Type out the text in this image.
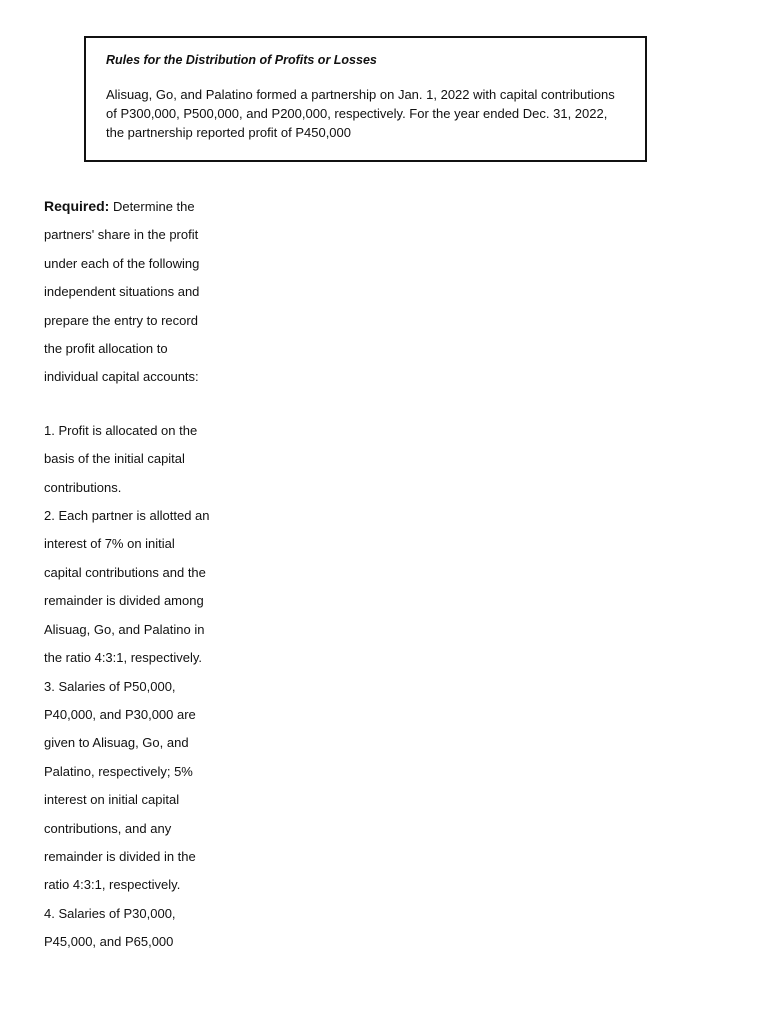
Rules for the Distribution of Profits or Losses

Alisuag, Go, and Palatino formed a partnership on Jan. 1, 2022 with capital contributions of P300,000, P500,000, and P200,000, respectively. For the year ended Dec. 31, 2022, the partnership reported profit of P450,000

Required: Determine the partners' share in the profit under each of the following independent situations and prepare the entry to record the profit allocation to individual capital accounts:

1. Profit is allocated on the basis of the initial capital contributions.

2. Each partner is allotted an interest of 7% on initial capital contributions and the remainder is divided among Alisuag, Go, and Palatino in the ratio 4:3:1, respectively.

3. Salaries of P50,000, P40,000, and P30,000 are given to Alisuag, Go, and Palatino, respectively; 5% interest on initial capital contributions, and any remainder is divided in the ratio 4:3:1, respectively.

4. Salaries of P30,000, P45,000, and P65,000
